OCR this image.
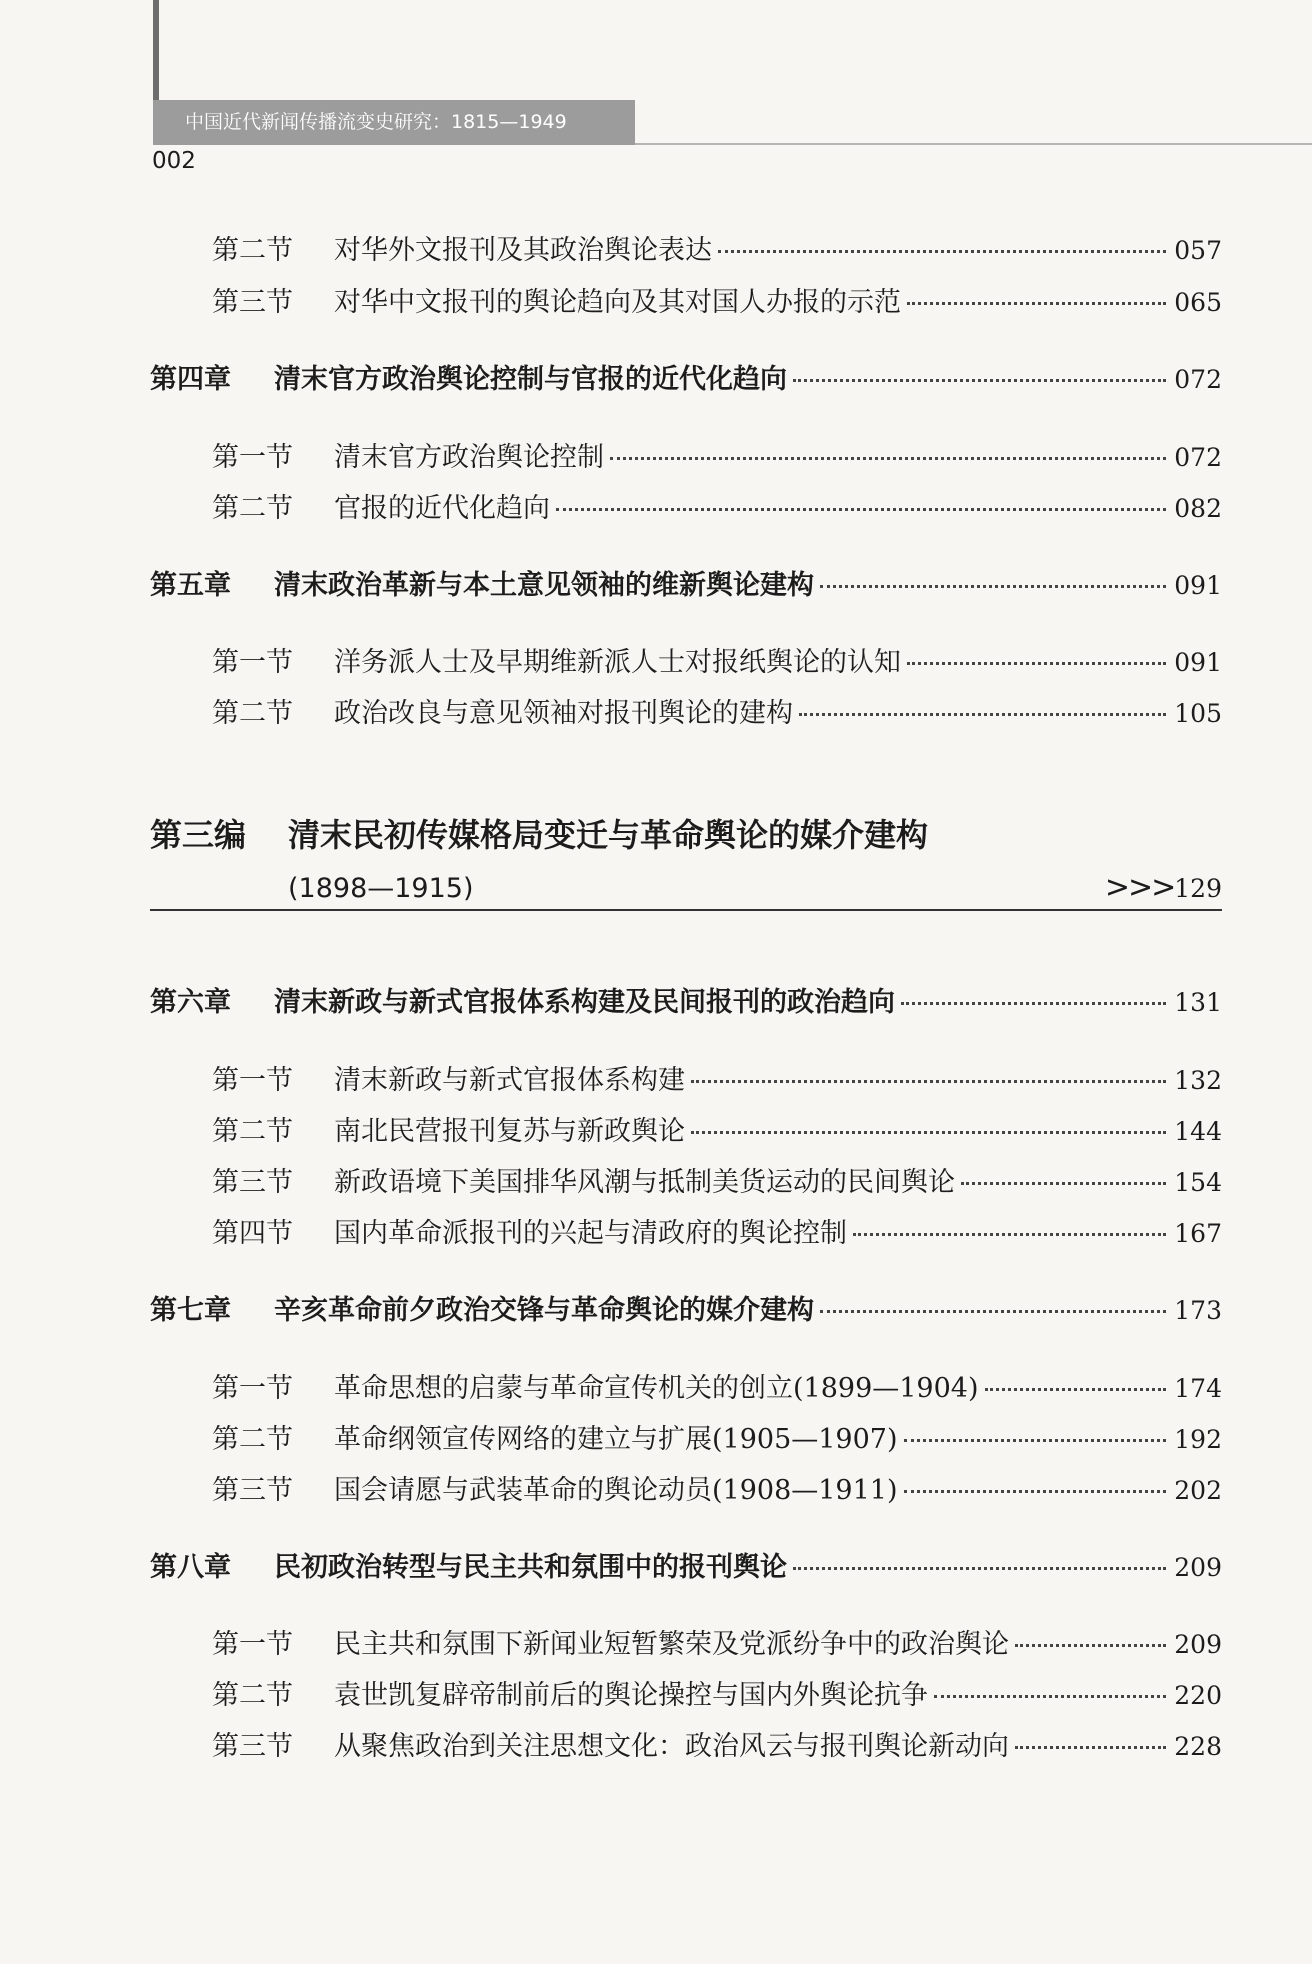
中国近代新闻传播流变史研究：1815—1949
002
第二节	对华外文报刊及其政治舆论表达	057
第三节	对华中文报刊的舆论趋向及其对国人办报的示范	065
第四章	清末官方政治舆论控制与官报的近代化趋向	072
第一节	清末官方政治舆论控制	072
第二节	官报的近代化趋向	082
第五章	清末政治革新与本土意见领袖的维新舆论建构	091
第一节	洋务派人士及早期维新派人士对报纸舆论的认知	091
第二节	政治改良与意见领袖对报刊舆论的建构	105
第三编	清末民初传媒格局变迁与革命舆论的媒介建构
(1898—1915)	>>>129
第六章	清末新政与新式官报体系构建及民间报刊的政治趋向	131
第一节	清末新政与新式官报体系构建	132
第二节	南北民营报刊复苏与新政舆论	144
第三节	新政语境下美国排华风潮与抵制美货运动的民间舆论	154
第四节	国内革命派报刊的兴起与清政府的舆论控制	167
第七章	辛亥革命前夕政治交锋与革命舆论的媒介建构	173
第一节	革命思想的启蒙与革命宣传机关的创立(1899—1904)	174
第二节	革命纲领宣传网络的建立与扩展(1905—1907)	192
第三节	国会请愿与武装革命的舆论动员(1908—1911)	202
第八章	民初政治转型与民主共和氛围中的报刊舆论	209
第一节	民主共和氛围下新闻业短暂繁荣及党派纷争中的政治舆论	209
第二节	袁世凯复辟帝制前后的舆论操控与国内外舆论抗争	220
第三节	从聚焦政治到关注思想文化：政治风云与报刊舆论新动向	228
